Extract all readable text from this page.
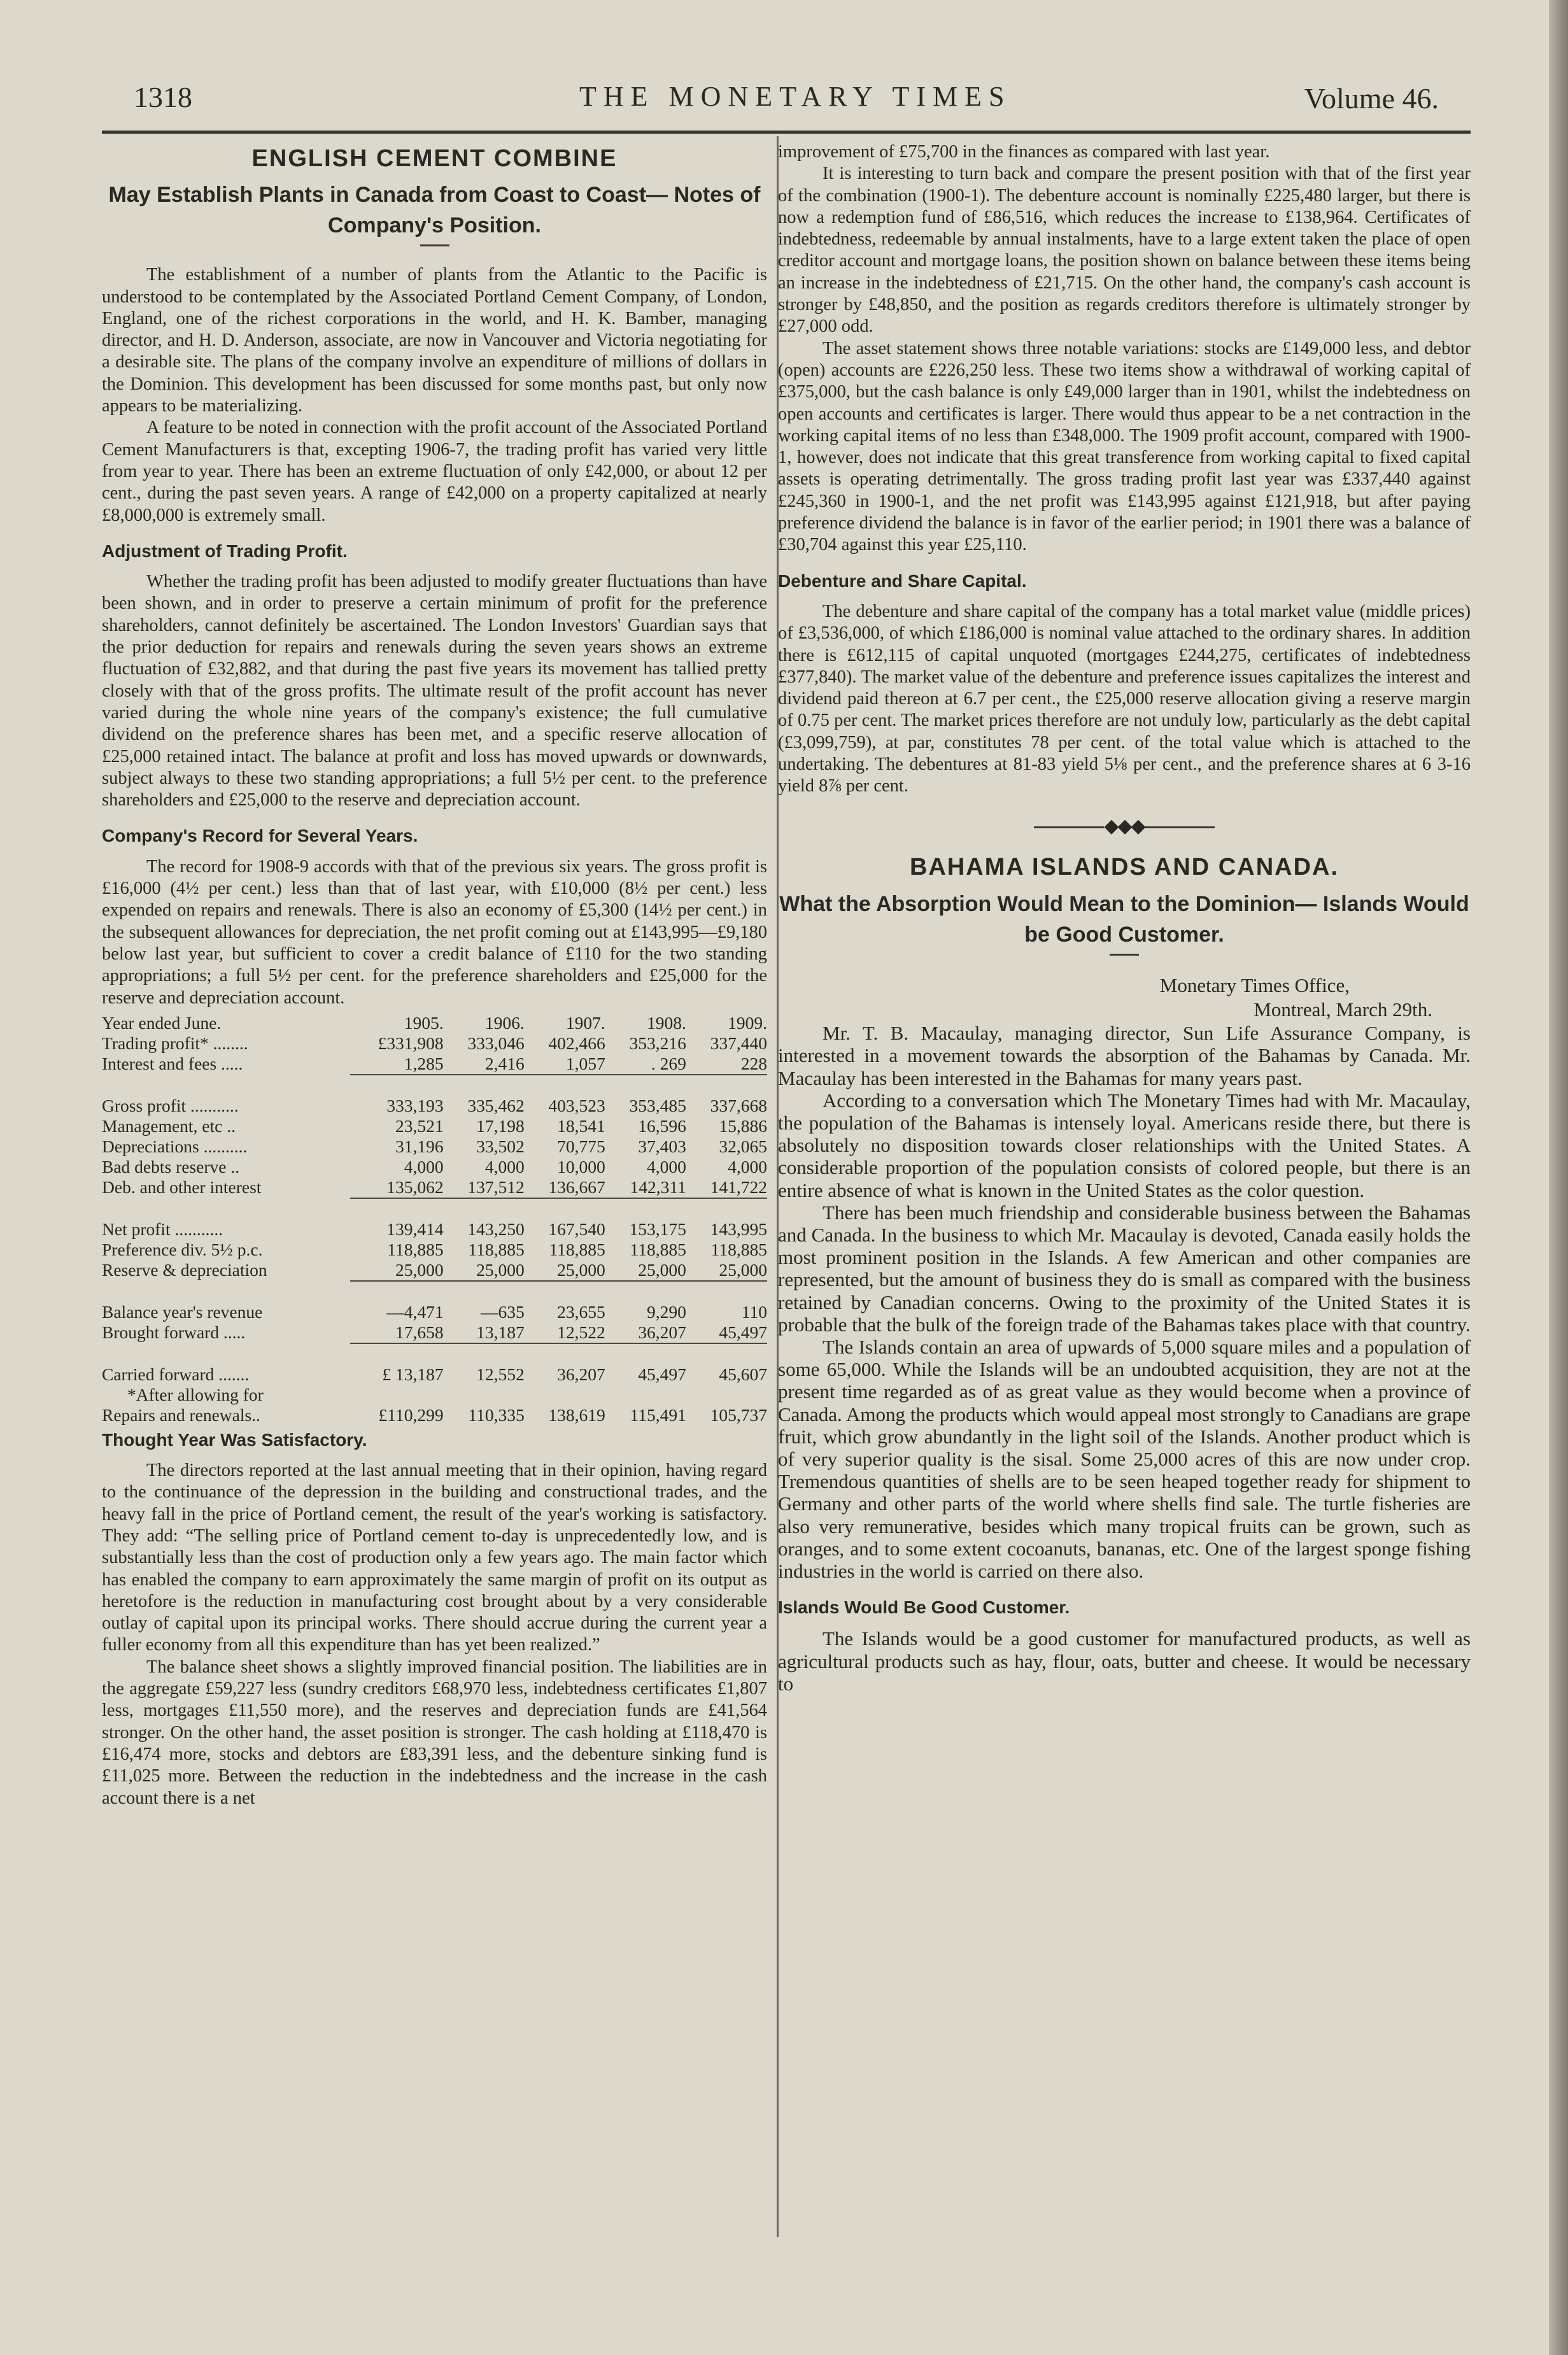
1318	THE MONETARY TIMES	Volume 46.
ENGLISH CEMENT COMBINE
May Establish Plants in Canada from Coast to Coast— Notes of Company's Position.

The establishment of a number of plants from the Atlantic to the Pacific is understood to be contemplated by the Associated Portland Cement Company, of London, England, one of the richest corporations in the world, and H. K. Bamber, managing director, and H. D. Anderson, associate, are now in Vancouver and Victoria negotiating for a desirable site. The plans of the company involve an expenditure of millions of dollars in the Dominion. This development has been discussed for some months past, but only now appears to be materializing.

A feature to be noted in connection with the profit account of the Associated Portland Cement Manufacturers is that, excepting 1906-7, the trading profit has varied very little from year to year. There has been an extreme fluctuation of only £42,000, or about 12 per cent., during the past seven years. A range of £42,000 on a property capitalized at nearly £8,000,000 is extremely small.

Adjustment of Trading Profit.

Whether the trading profit has been adjusted to modify greater fluctuations than have been shown, and in order to preserve a certain minimum of profit for the preference shareholders, cannot definitely be ascertained. The London Investors' Guardian says that the prior deduction for repairs and renewals during the seven years shows an extreme fluctuation of £32,882, and that during the past five years its movement has tallied pretty closely with that of the gross profits. The ultimate result of the profit account has never varied during the whole nine years of the company's existence; the full cumulative dividend on the preference shares has been met, and a specific reserve allocation of £25,000 retained intact. The balance at profit and loss has moved upwards or downwards, subject always to these two standing appropriations; a full 5½ per cent. to the preference shareholders and £25,000 to the reserve and depreciation account.

Company's Record for Several Years.

The record for 1908-9 accords with that of the previous six years. The gross profit is £16,000 (4½ per cent.) less than that of last year, with £10,000 (8½ per cent.) less expended on repairs and renewals. There is also an economy of £5,300 (14½ per cent.) in the subsequent allowances for depreciation, the net profit coming out at £143,995—£9,180 below last year, but sufficient to cover a credit balance of £110 for the two standing appropriations; a full 5½ per cent. for the preference shareholders and £25,000 for the reserve and depreciation account.

Year ended June.	1905.	1906.	1907.	1908.	1909.
Trading profit* ........	£331,908	333,046	402,466	353,216	337,440
Interest and fees .....	1,285	2,416	1,057	. 269	228

Gross profit ...........	333,193	335,462	403,523	353,485	337,668
Management, etc ..	23,521	17,198	18,541	16,596	15,886
Depreciations ..........	31,196	33,502	70,775	37,403	32,065
Bad debts reserve ..	4,000	4,000	10,000	4,000	4,000
Deb. and other interest	135,062	137,512	136,667	142,311	141,722

Net profit ...........	139,414	143,250	167,540	153,175	143,995
Preference div. 5½ p.c.	118,885	118,885	118,885	118,885	118,885
Reserve & depreciation	25,000	25,000	25,000	25,000	25,000

Balance year's revenue	—4,471	—635	23,655	9,290	110
Brought forward .....	17,658	13,187	12,522	36,207	45,497

Carried forward .......	£ 13,187	12,552	36,207	45,497	45,607
*After allowing for					
Repairs and renewals..	£110,299	110,335	138,619	115,491	105,737
Thought Year Was Satisfactory.

The directors reported at the last annual meeting that in their opinion, having regard to the continuance of the depression in the building and constructional trades, and the heavy fall in the price of Portland cement, the result of the year's working is satisfactory. They add: “The selling price of Portland cement to-day is unprecedentedly low, and is substantially less than the cost of production only a few years ago. The main factor which has enabled the company to earn approximately the same margin of profit on its output as heretofore is the reduction in manufacturing cost brought about by a very considerable outlay of capital upon its principal works. There should accrue during the current year a fuller economy from all this expenditure than has yet been realized.”

The balance sheet shows a slightly improved financial position. The liabilities are in the aggregate £59,227 less (sundry creditors £68,970 less, indebtedness certificates £1,807 less, mortgages £11,550 more), and the reserves and depreciation funds are £41,564 stronger. On the other hand, the asset position is stronger. The cash holding at £118,470 is £16,474 more, stocks and debtors are £83,391 less, and the debenture sinking fund is £11,025 more. Between the reduction in the indebtedness and the increase in the cash account there is a net

improvement of £75,700 in the finances as compared with last year.

It is interesting to turn back and compare the present position with that of the first year of the combination (1900-1). The debenture account is nominally £225,480 larger, but there is now a redemption fund of £86,516, which reduces the increase to £138,964. Certificates of indebtedness, redeemable by annual instalments, have to a large extent taken the place of open creditor account and mortgage loans, the position shown on balance between these items being an increase in the indebtedness of £21,715. On the other hand, the company's cash account is stronger by £48,850, and the position as regards creditors therefore is ultimately stronger by £27,000 odd.

The asset statement shows three notable variations: stocks are £149,000 less, and debtor (open) accounts are £226,250 less. These two items show a withdrawal of working capital of £375,000, but the cash balance is only £49,000 larger than in 1901, whilst the indebtedness on open accounts and certificates is larger. There would thus appear to be a net contraction in the working capital items of no less than £348,000. The 1909 profit account, compared with 1900-1, however, does not indicate that this great transference from working capital to fixed capital assets is operating detrimentally. The gross trading profit last year was £337,440 against £245,360 in 1900-1, and the net profit was £143,995 against £121,918, but after paying preference dividend the balance is in favor of the earlier period; in 1901 there was a balance of £30,704 against this year £25,110.

Debenture and Share Capital.

The debenture and share capital of the company has a total market value (middle prices) of £3,536,000, of which £186,000 is nominal value attached to the ordinary shares. In addition there is £612,115 of capital unquoted (mortgages £244,275, certificates of indebtedness £377,840). The market value of the debenture and preference issues capitalizes the interest and dividend paid thereon at 6.7 per cent., the £25,000 reserve allocation giving a reserve margin of 0.75 per cent. The market prices therefore are not unduly low, particularly as the debt capital (£3,099,759), at par, constitutes 78 per cent. of the total value which is attached to the undertaking. The debentures at 81-83 yield 5⅛ per cent., and the preference shares at 6 3-16 yield 8⅞ per cent.

◆◆◆
BAHAMA ISLANDS AND CANADA.
What the Absorption Would Mean to the Dominion— Islands Would be Good Customer.
Monetary Times Office,
Montreal, March 29th.

Mr. T. B. Macaulay, managing director, Sun Life Assurance Company, is interested in a movement towards the absorption of the Bahamas by Canada. Mr. Macaulay has been interested in the Bahamas for many years past.

According to a conversation which The Monetary Times had with Mr. Macaulay, the population of the Bahamas is intensely loyal. Americans reside there, but there is absolutely no disposition towards closer relationships with the United States. A considerable proportion of the population consists of colored people, but there is an entire absence of what is known in the United States as the color question.

There has been much friendship and considerable business between the Bahamas and Canada. In the business to which Mr. Macaulay is devoted, Canada easily holds the most prominent position in the Islands. A few American and other companies are represented, but the amount of business they do is small as compared with the business retained by Canadian concerns. Owing to the proximity of the United States it is probable that the bulk of the foreign trade of the Bahamas takes place with that country.

The Islands contain an area of upwards of 5,000 square miles and a population of some 65,000. While the Islands will be an undoubted acquisition, they are not at the present time regarded as of as great value as they would become when a province of Canada. Among the products which would appeal most strongly to Canadians are grape fruit, which grow abundantly in the light soil of the Islands. Another product which is of very superior quality is the sisal. Some 25,000 acres of this are now under crop. Tremendous quantities of shells are to be seen heaped together ready for shipment to Germany and other parts of the world where shells find sale. The turtle fisheries are also very remunerative, besides which many tropical fruits can be grown, such as oranges, and to some extent cocoanuts, bananas, etc. One of the largest sponge fishing industries in the world is carried on there also.

Islands Would Be Good Customer.

The Islands would be a good customer for manufactured products, as well as agricultural products such as hay, flour, oats, butter and cheese. It would be necessary to
